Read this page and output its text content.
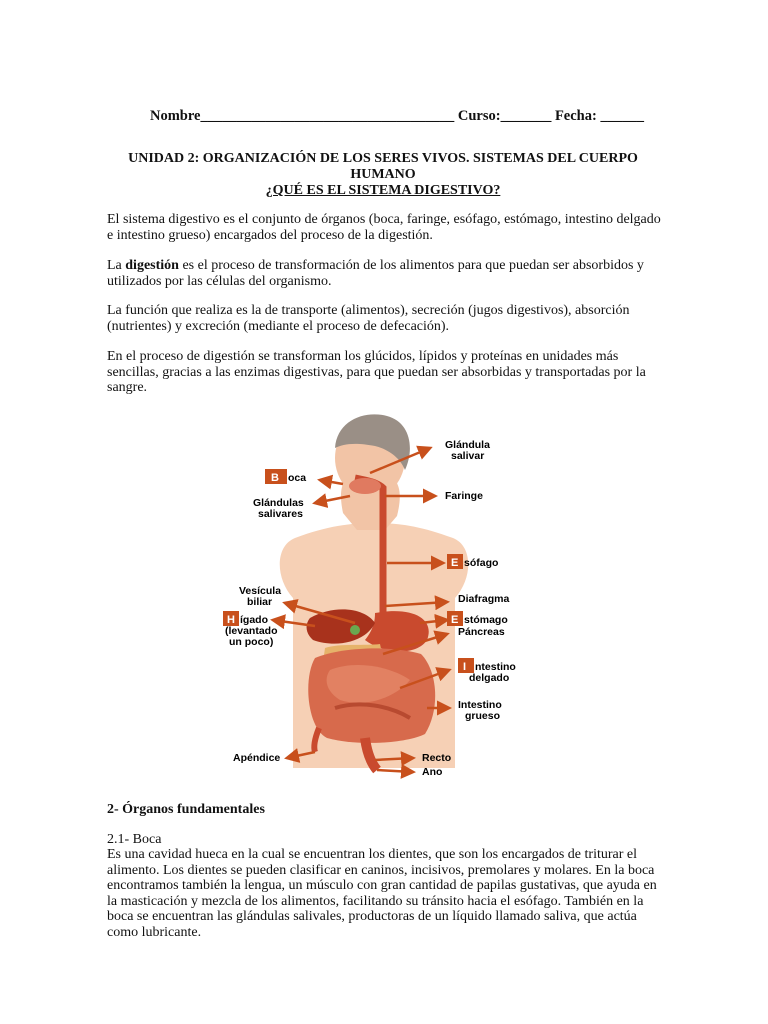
Nombre___________________________________ Curso:_______ Fecha: ______
UNIDAD 2: ORGANIZACIÓN DE LOS SERES VIVOS. SISTEMAS DEL CUERPO HUMANO
¿QUÉ ES EL SISTEMA DIGESTIVO?
El sistema digestivo es el conjunto de órganos (boca, faringe, esófago, estómago, intestino delgado e intestino grueso) encargados del proceso de la digestión.
La digestión es el proceso de transformación de los alimentos para que puedan ser absorbidos y utilizados por las células del organismo.
La función que realiza es la de transporte (alimentos), secreción (jugos digestivos), absorción (nutrientes) y excreción (mediante el proceso de defecación).
En el proceso de digestión se transforman los glúcidos, lípidos y proteínas en unidades más sencillas, gracias a las enzimas digestivas, para que puedan ser absorbidas y transportadas por la sangre.
Glándula salivar
B oca
Glándulas salivares
Faringe
E sófago
Vesícula biliar	Diafragma
H ígado (levantado un poco)
E stómago
Páncreas
I ntestino delgado
Intestino grueso
Apéndice	Recto
Ano
2- Órganos fundamentales
2.1- Boca
Es una cavidad hueca en la cual se encuentran los dientes, que son los encargados de triturar el alimento. Los dientes se pueden clasificar en caninos, incisivos, premolares y molares. En la boca encontramos también la lengua, un músculo con gran cantidad de papilas gustativas, que ayuda en la masticación y mezcla de los alimentos, facilitando su tránsito hacia el esófago. También en la boca se encuentran las glándulas salivales, productoras de un líquido llamado saliva, que actúa como lubricante.
